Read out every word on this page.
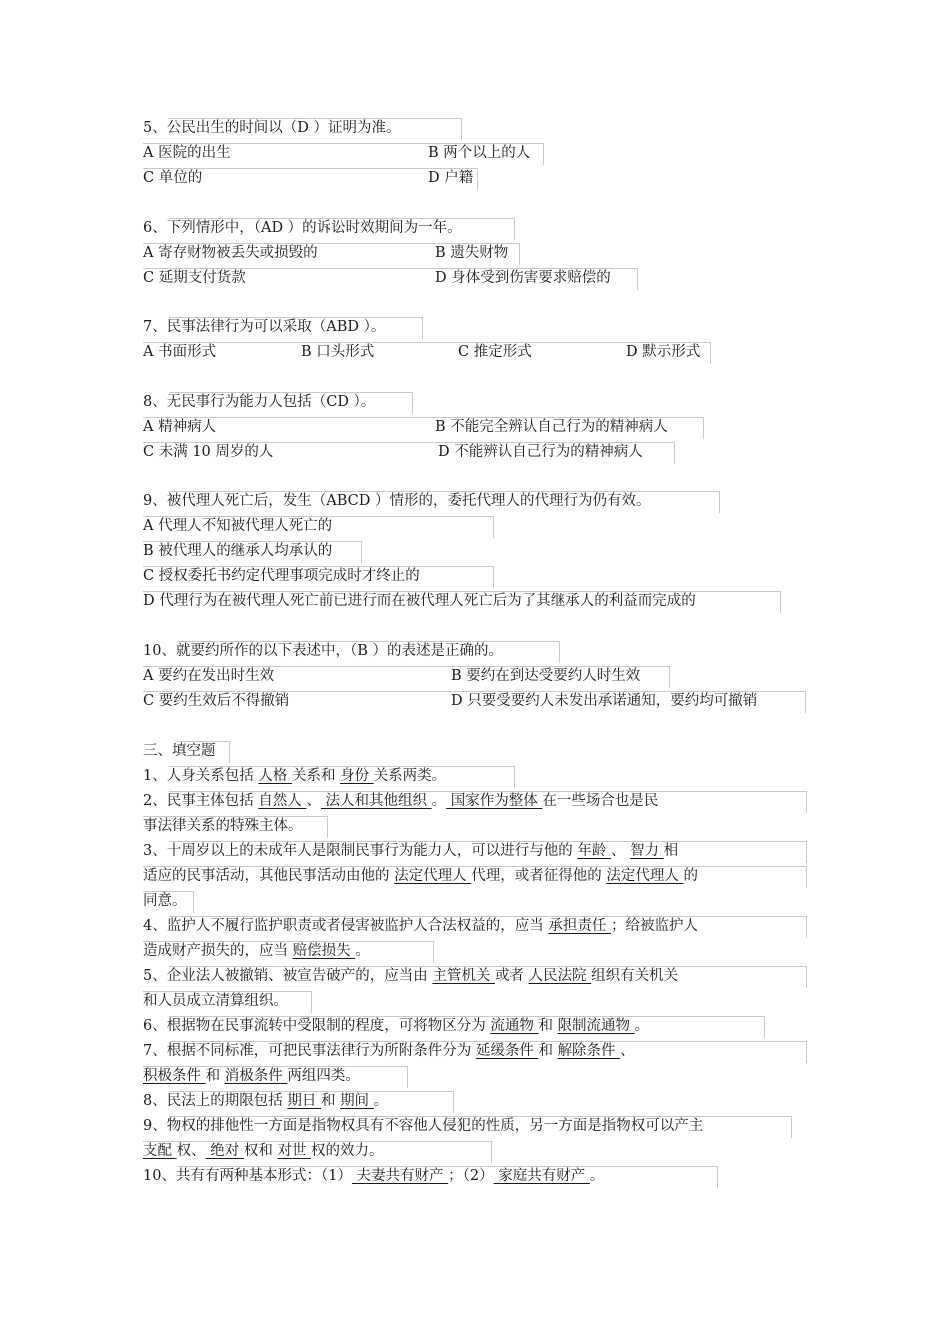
5、公民出生的时间以（D ）证明为准。
A 医院的出生	B 两个以上的人
C 单位的	D 户籍
6、下列情形中，（AD ）的诉讼时效期间为一年。
A 寄存财物被丢失或损毁的	B 遗失财物
C 延期支付货款	D 身体受到伤害要求赔偿的
7、民事法律行为可以采取（ABD ）。
A 书面形式	B 口头形式	C 推定形式	D 默示形式
8、无民事行为能力人包括（CD ）。
A 精神病人	B 不能完全辨认自己行为的精神病人
C 未满 10 周岁的人	D 不能辨认自己行为的精神病人
9、被代理人死亡后，发生（ABCD ）情形的，委托代理人的代理行为仍有效。
A 代理人不知被代理人死亡的
B 被代理人的继承人均承认的
C 授权委托书约定代理事项完成时才终止的
D 代理行为在被代理人死亡前已进行而在被代理人死亡后为了其继承人的利益而完成的
10、就要约所作的以下表述中，（B ）的表述是正确的。
A 要约在发出时生效	B 要约在到达受要约人时生效
C 要约生效后不得撤销	D 只要受要约人未发出承诺通知，要约均可撤销
三、填空题
1、人身关系包括 人格 关系和 身份 关系两类。
2、民事主体包括 自然人 、 法人和其他组织 。 国家作为整体 在一些场合也是民
事法律关系的特殊主体。
3、十周岁以上的未成年人是限制民事行为能力人，可以进行与他的 年龄 、 智力 相
适应的民事活动，其他民事活动由他的 法定代理人 代理，或者征得他的 法定代理人 的
同意。
4、监护人不履行监护职责或者侵害被监护人合法权益的，应当 承担责任 ；给被监护人
造成财产损失的，应当 赔偿损失 。
5、企业法人被撤销、被宣告破产的，应当由 主管机关 或者 人民法院 组织有关机关
和人员成立清算组织。
6、根据物在民事流转中受限制的程度，可将物区分为 流通物 和 限制流通物 。
7、根据不同标准，可把民事法律行为所附条件分为 延缓条件 和 解除条件 、
积极条件 和 消极条件 两组四类。
8、民法上的期限包括 期日 和 期间 。
9、物权的排他性一方面是指物权具有不容他人侵犯的性质，另一方面是指物权可以产主
支配 权、 绝对 权和 对世 权的效力。
10、共有有两种基本形式：（1） 夫妻共有财产 ；（2） 家庭共有财产 。
